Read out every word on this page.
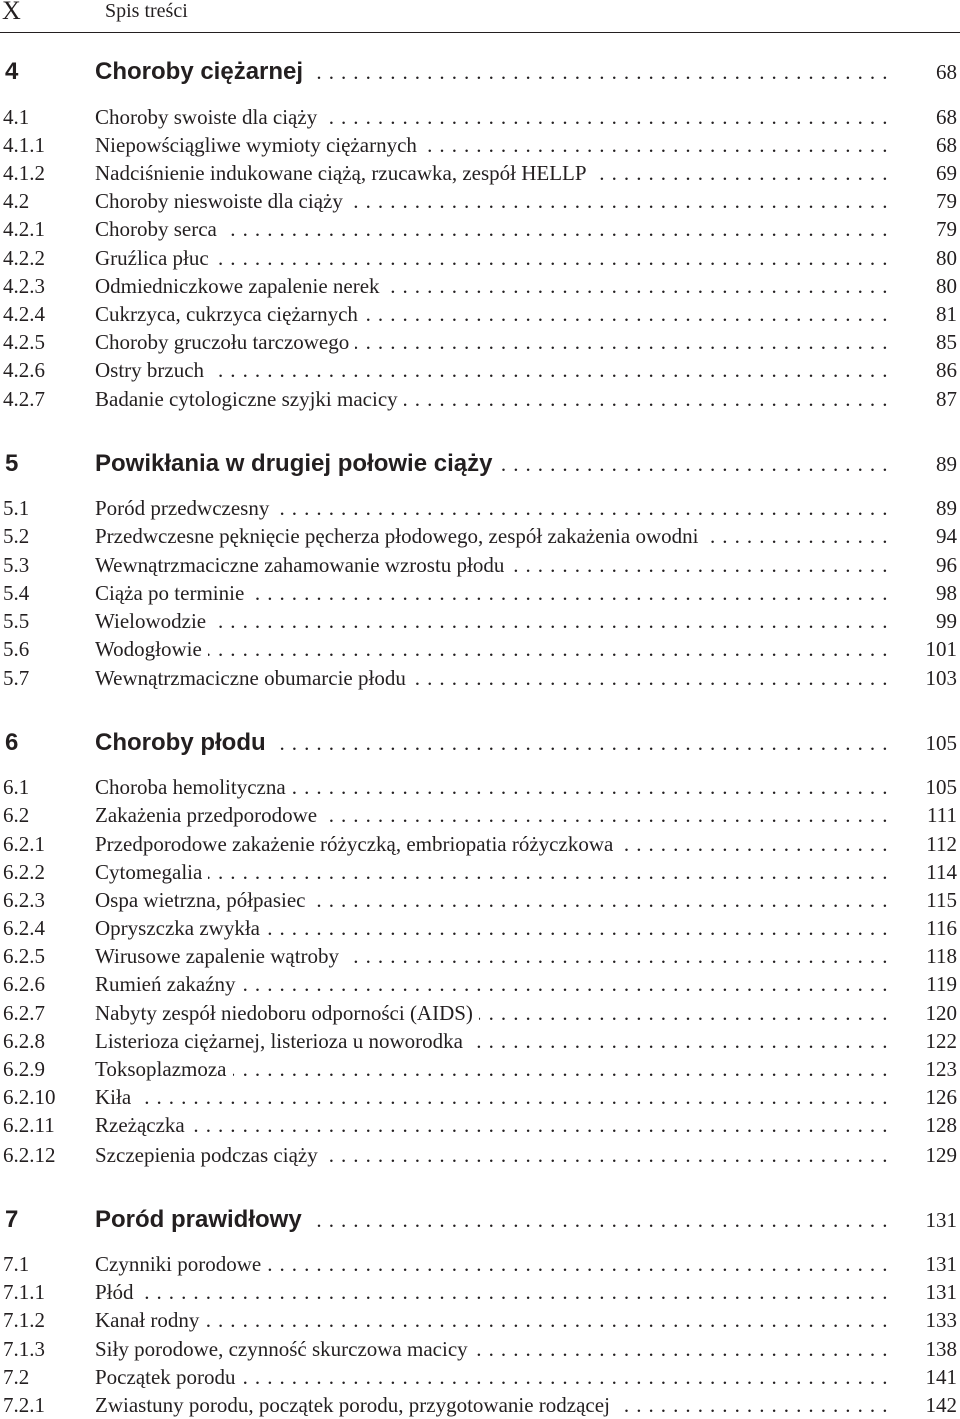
X	Spis treści
4	Choroby ciężarnej . . .	68
4.1	Choroby swoiste dla ciąży . . .	68
4.1.1 Niepowściągliwe wymioty ciężarnych . . .	68
4.1.2 Nadciśnienie indukowane ciążą, rzucawka, zespół HELLP . . .	69
4.2	Choroby nieswoiste dla ciąży . . .	79
4.2.1 Choroby serca . . .	79
4.2.2 Gruźlica płuc . . .	80
4.2.3 Odmiedniczkowe zapalenie nerek . . .	80
4.2.4 Cukrzyca, cukrzyca ciężarnych . . .	81
4.2.5 Choroby gruczołu tarczowego . . .	85
4.2.6 Ostry brzuch . . .	86
4.2.7 Badanie cytologiczne szyjki macicy . . .	87
5	Powikłania w drugiej połowie ciąży . . .	89
5.1	Poród przedwczesny . . .	89
5.2	Przedwczesne pęknięcie pęcherza płodowego, zespół zakażenia owodni . . .	94
5.3	Wewnątrzmaciczne zahamowanie wzrostu płodu . . .	96
5.4	Ciąża po terminie . . .	98
5.5	Wielowodzie . . .	99
5.6	Wodogłowie . . .	101
5.7	Wewnątrzmaciczne obumarcie płodu . . .	103
6	Choroby płodu . . .	105
6.1	Choroba hemolityczna . . .	105
6.2	Zakażenia przedporodowe . . .	111
6.2.1 Przedporodowe zakażenie różyczką, embriopatia różyczkowa . . .	112
6.2.2 Cytomegalia . . .	114
6.2.3 Ospa wietrzna, półpasiec . . .	115
6.2.4 Opryszczka zwykła . . .	116
6.2.5 Wirusowe zapalenie wątroby . . .	118
6.2.6 Rumień zakaźny . . .	119
6.2.7 Nabyty zespół niedoboru odporności (AIDS) . . .	120
6.2.8 Listerioza ciężarnej, listerioza u noworodka . . .	122
6.2.9 Toksoplazmoza . . .	123
6.2.10 Kiła . . .	126
6.2.11 Rzeżączka . . .	128
6.2.12 Szczepienia podczas ciąży . . .	129
7	Poród prawidłowy . . .	131
7.1	Czynniki porodowe . . .	131
7.1.1 Płód . . .	131
7.1.2 Kanał rodny . . .	133
7.1.3 Siły porodowe, czynność skurczowa macicy . . .	138
7.2	Początek porodu . . .	141
7.2.1 Zwiastuny porodu, początek porodu, przygotowanie rodzącej . . .	142
